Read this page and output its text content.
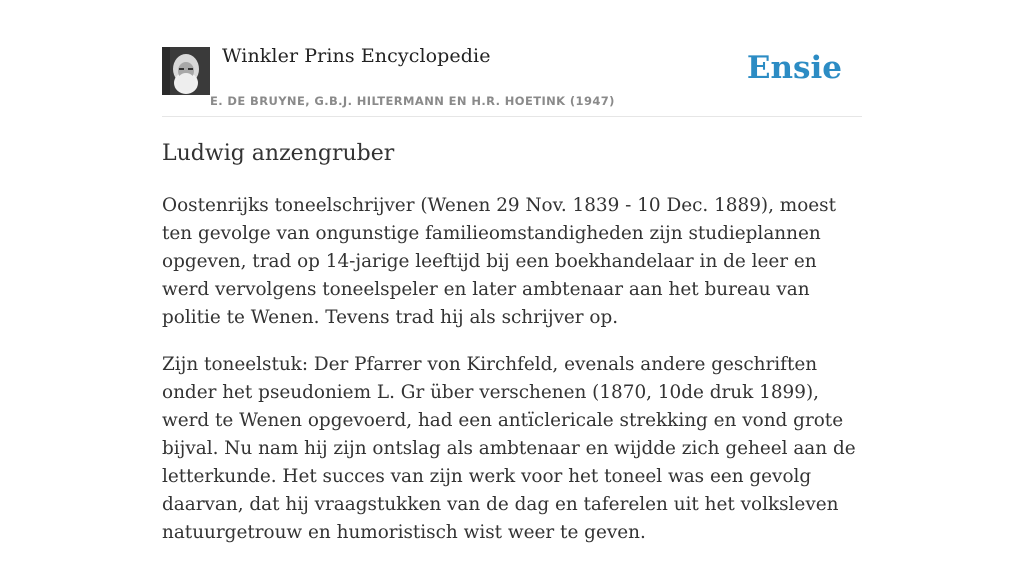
Winkler Prins Encyclopedie
E. DE BRUYNE, G.B.J. HILTERMANN EN H.R. HOETINK (1947)
Ensie
Ludwig anzengruber

Oostenrijks toneelschrijver (Wenen 29 Nov. 1839 - 10 Dec. 1889), moest ten gevolge van ongunstige familieomstandigheden zijn studieplannen opgeven, trad op 14-jarige leeftijd bij een boekhandelaar in de leer en werd vervolgens toneelspeler en later ambtenaar aan het bureau van politie te Wenen. Tevens trad hij als schrijver op.

Zijn toneelstuk: Der Pfarrer von Kirchfeld, evenals andere geschriften onder het pseudoniem L. Gr über verschenen (1870, 10de druk 1899), werd te Wenen opgevoerd, had een antïclericale strekking en vond grote bijval. Nu nam hij zijn ontslag als ambtenaar en wijdde zich geheel aan de letterkunde. Het succes van zijn werk voor het toneel was een gevolg daarvan, dat hij vraagstukken van de dag en taferelen uit het volksleven natuurgetrouw en humoristisch wist weer te geven.
